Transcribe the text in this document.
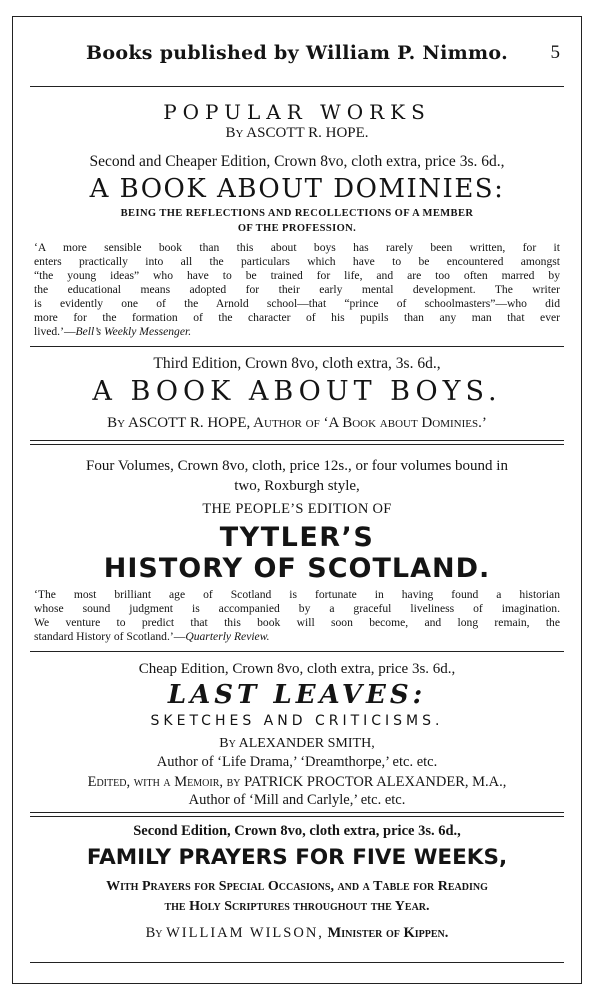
Books published by William P. Nimmo.	5
POPULAR WORKS
By ASCOTT R. HOPE.
Second and Cheaper Edition, Crown 8vo, cloth extra, price 3s. 6d.,
A BOOK ABOUT DOMINIES:
BEING THE REFLECTIONS AND RECOLLECTIONS OF A MEMBER
OF THE PROFESSION.
‘A more sensible book than this about boys has rarely been written, for it
enters practically into all the particulars which have to be encountered amongst
“the young ideas” who have to be trained for life, and are too often marred by
the educational means adopted for their early mental development. The writer
is evidently one of the Arnold school—that “prince of schoolmasters”—who did
more for the formation of the character of his pupils than any man that ever
lived.’—Bell’s Weekly Messenger.
Third Edition, Crown 8vo, cloth extra, 3s. 6d.,
A BOOK ABOUT BOYS.
By ASCOTT R. HOPE, Author of ‘A Book about Dominies.’
Four Volumes, Crown 8vo, cloth, price 12s., or four volumes bound in
two, Roxburgh style,
THE PEOPLE’S EDITION OF
TYTLER’S
HISTORY OF SCOTLAND.
‘The most brilliant age of Scotland is fortunate in having found a historian
whose sound judgment is accompanied by a graceful liveliness of imagination.
We venture to predict that this book will soon become, and long remain, the
standard History of Scotland.’—Quarterly Review.
Cheap Edition, Crown 8vo, cloth extra, price 3s. 6d.,
LAST LEAVES:
SKETCHES AND CRITICISMS.
By ALEXANDER SMITH,
Author of ‘Life Drama,’ ‘Dreamthorpe,’ etc. etc.
Edited, with a Memoir, by PATRICK PROCTOR ALEXANDER, M.A.,
Author of ‘Mill and Carlyle,’ etc. etc.
Second Edition, Crown 8vo, cloth extra, price 3s. 6d.,
FAMILY PRAYERS FOR FIVE WEEKS,
With Prayers for Special Occasions, and a Table for Reading
the Holy Scriptures throughout the Year.
By WILLIAM WILSON, Minister of Kippen.
